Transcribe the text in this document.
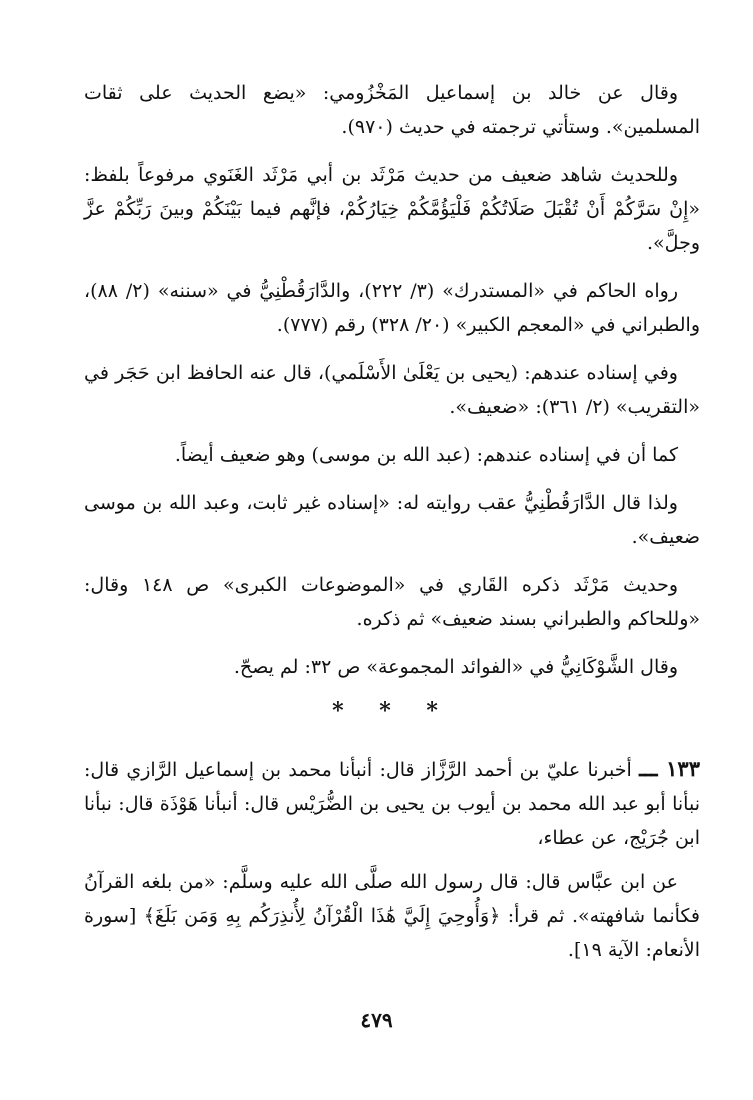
وقال عن خالد بن إسماعيل المَخْزُومي: «يضع الحديث على ثقات المسلمين». وستأتي ترجمته في حديث (٩٧٠).

وللحديث شاهد ضعيف من حديث مَرْثَد بن أبي مَرْثَد الغَنَوي مرفوعاً بلفظ: «إِنْ سَرَّكُمْ أَنْ تُقْبَلَ صَلَاتُكُمْ فَلْيَؤُمَّكُمْ خِيَارُكُمْ، فإنَّهم فيما بَيْنَكُمْ وبينَ رَبِّكُمْ عزَّ وجلَّ».

رواه الحاكم في «المستدرك» (٣/ ٢٢٢)، والدَّارَقُطْنِيُّ في «سننه» (٢/ ٨٨)، والطبراني في «المعجم الكبير» (٢٠/ ٣٢٨) رقم (٧٧٧).

وفي إسناده عندهم: (يحيى بن يَعْلَىٰ الأَسْلَمي)، قال عنه الحافظ ابن حَجَر في «التقريب» (٢/ ٣٦١): «ضعيف».

كما أن في إسناده عندهم: (عبد الله بن موسى) وهو ضعيف أيضاً.

ولذا قال الدَّارَقُطْنِيُّ عقب روايته له: «إسناده غير ثابت، وعبد الله بن موسى ضعيف».

وحديث مَرْثَد ذكره القَاري في «الموضوعات الكبرى» ص ١٤٨ وقال: «وللحاكم والطبراني بسند ضعيف» ثم ذكره.

وقال الشَّوْكَانِيُّ في «الفوائد المجموعة» ص ٣٢: لم يصحّ.

* * *

١٣٣ ـــ أخبرنا عليّ بن أحمد الرَّزَّاز قال: أنبأنا محمد بن إسماعيل الرَّازي قال: نبأنا أبو عبد الله محمد بن أيوب بن يحيى بن الضُّرَيْس قال: أنبأنا هَوْذَة قال: نبأنا ابن جُرَيْج، عن عطاء،

عن ابن عبَّاس قال: قال رسول الله صلَّى الله عليه وسلَّم: «من بلغه القرآنُ فكأنما شافهته». ثم قرأ: ﴿وَأُوحِيَ إِلَيَّ هَٰذَا الْقُرْآنُ لِأُنذِرَكُم بِهِ وَمَن بَلَغَ﴾ [سورة الأنعام: الآية ١٩].

٤٧٩
